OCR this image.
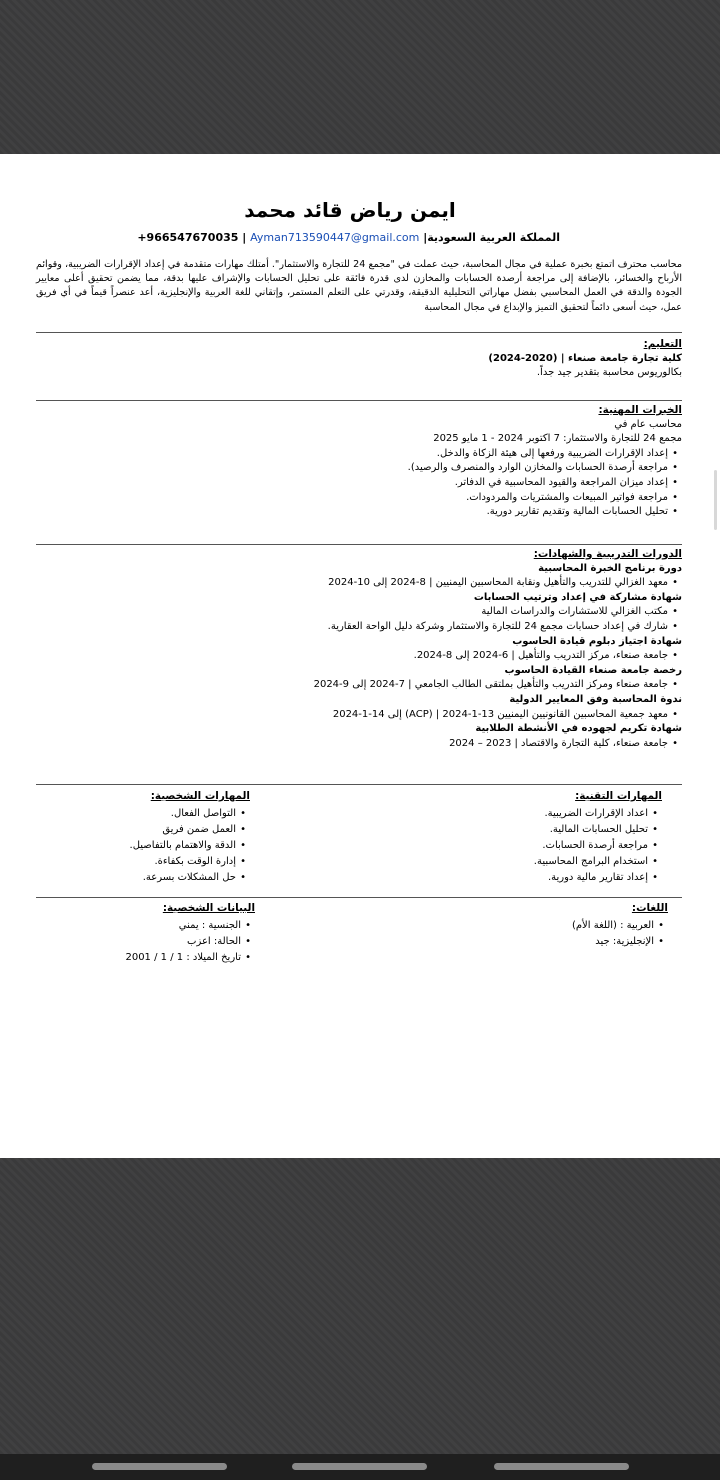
ايمن رياض قائد محمد
المملكة العربية السعودية| Ayman713590447@gmail.com | +966547670035
محاسب محترف اتمتع بخبرة عملية في مجال المحاسبة، حيث عملت في "مجمع 24 للتجارة والاستثمار". أمتلك مهارات متقدمة في إعداد الإقرارات الضريبية، وقوائم الأرباح والخسائر، بالإضافة إلى مراجعة أرصدة الحسابات والمخازن لدى قدرة فائقة على تحليل الحسابات والإشراف عليها بدقة، مما يضمن تحقيق أعلى معايير الجودة والدقة في العمل المحاسبي بفضل مهاراتي التحليلية الدقيقة، وقدرتي على التعلم المستمر، وإتقاني للغة العربية والإنجليزية، أعد عنصراً قيماً في أي فريق عمل، حيث أسعى دائماً لتحقيق التميز والإبداع في مجال المحاسبة
التعليم:
كلية تجارة جامعة صنعاء | (2020-2024)
بكالوريوس محاسبة بتقدير جيد جداً.
الخبرات المهنية:
محاسب عام في
مجمع 24 للتجارة والاستثمار: 7 اكتوبر 2024 - 1 مايو 2025
• إعداد الإقرارات الضريبية ورفعها إلى هيئة الزكاة والدخل.
• مراجعة أرصدة الحسابات والمخازن الوارد والمنصرف والرصيد).
• إعداد ميزان المراجعة والقيود المحاسبية في الدفاتر.
• مراجعة فواتير المبيعات والمشتريات والمردودات.
• تحليل الحسابات المالية وتقديم تقارير دورية.
الدورات التدريبية والشهادات:
دورة برنامج الخبرة المحاسبية
• معهد الغزالي للتدريب والتأهيل ونقابة المحاسبين اليمنيين | 8-2024 إلى 10-2024
شهادة مشاركة في إعداد وترتيب الحسابات
• مكتب الغزالي للاستشارات والدراسات المالية
• شارك في إعداد حسابات مجمع 24 للتجارة والاستثمار وشركة دليل الواحة العقارية.
شهادة اجتياز دبلوم قيادة الحاسوب
• جامعة صنعاء، مركز التدريب والتأهيل | 6-2024 إلى 8-2024.
رخصة جامعة صنعاء القيادة الحاسوب
• جامعة صنعاء ومركز التدريب والتأهيل بملتقى الطالب الجامعي | 7-2024 إلى 9-2024
ندوة المحاسبة وفق المعايير الدولية
• معهد جمعية المحاسبين القانونيين اليمنيين 13-1-2024 | (ACP) إلى 14-1-2024
شهادة تكريم لجهوده في الأنشطة الطلابية
• جامعة صنعاء، كلية التجارة والاقتصاد | 2023 – 2024
المهارات التقنية:
• اعداد الإقرارات الضريبية.
• تحليل الحسابات المالية.
• مراجعة أرصدة الحسابات.
• استخدام البرامج المحاسبية.
• إعداد تقارير مالية دورية.
المهارات الشخصية:
• التواصل الفعال.
• العمل ضمن فريق
• الدقة والاهتمام بالتفاصيل.
• إدارة الوقت بكفاءة.
• حل المشكلات بسرعة.
اللغات:
• العربية : (اللغة الأم)
• الإنجليزية: جيد
البيانات الشخصية:
• الجنسية : يمني
• الحالة: اعزب
• تاريخ الميلاد : 1 / 1 / 2001
